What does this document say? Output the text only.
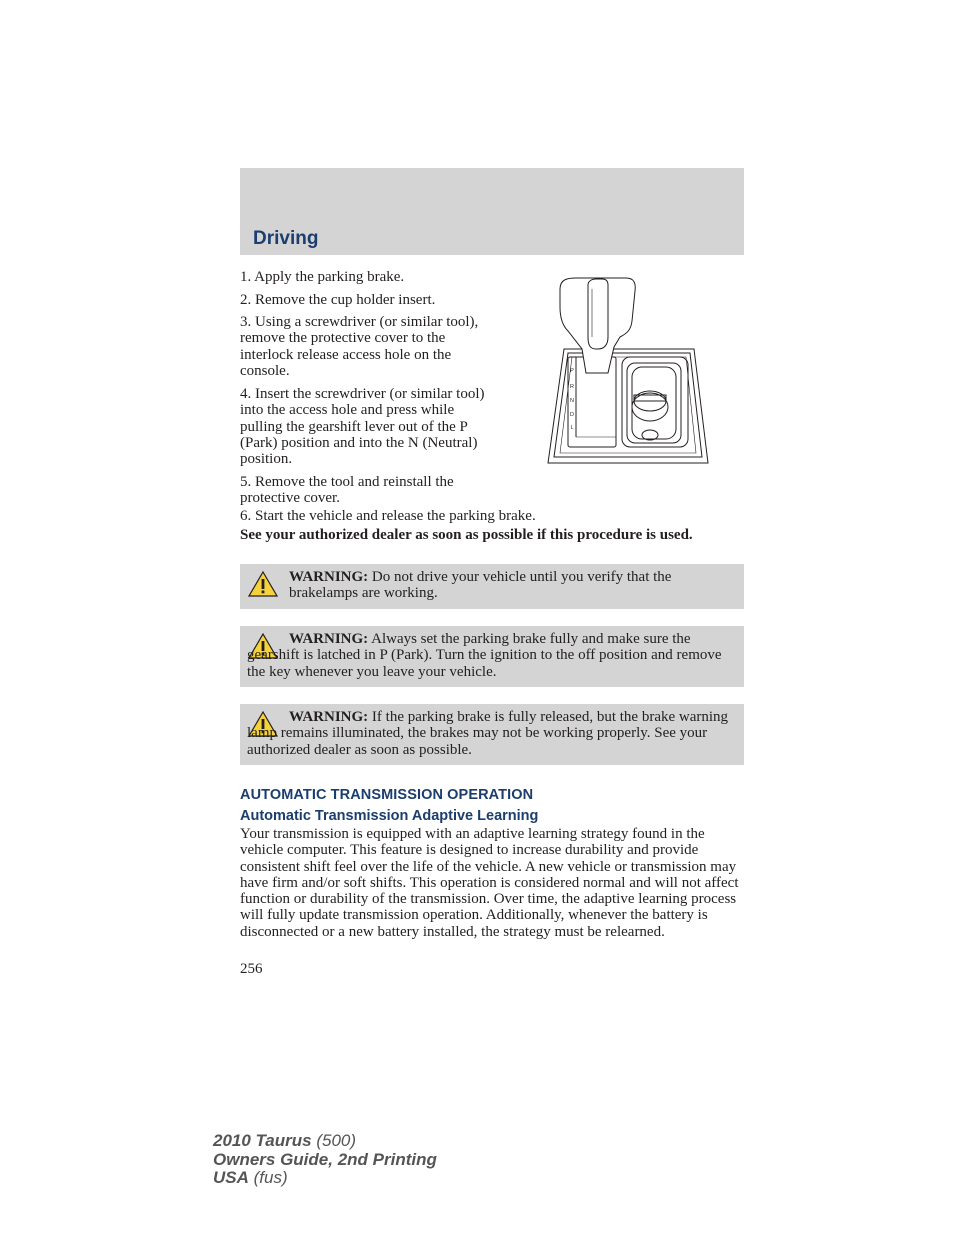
Driving

1. Apply the parking brake.

2. Remove the cup holder insert.

3. Using a screwdriver (or similar tool), remove the protective cover to the interlock release access hole on the console.

4. Insert the screwdriver (or similar tool) into the access hole and press while pulling the gearshift lever out of the P (Park) position and into the N (Neutral) position.

5. Remove the tool and reinstall the protective cover.

6. Start the vehicle and release the parking brake.

P
R
N
D
L

See your authorized dealer as soon as possible if this procedure is used.

WARNING: Do not drive your vehicle until you verify that the brakelamps are working.
WARNING: Always set the parking brake fully and make sure the gearshift is latched in P (Park). Turn the ignition to the off position and remove the key whenever you leave your vehicle.
WARNING: If the parking brake is fully released, but the brake warning lamp remains illuminated, the brakes may not be working properly. See your authorized dealer as soon as possible.
AUTOMATIC TRANSMISSION OPERATION
Automatic Transmission Adaptive Learning

Your transmission is equipped with an adaptive learning strategy found in the vehicle computer. This feature is designed to increase durability and provide consistent shift feel over the life of the vehicle. A new vehicle or transmission may have firm and/or soft shifts. This operation is considered normal and will not affect function or durability of the transmission. Over time, the adaptive learning process will fully update transmission operation. Additionally, whenever the battery is disconnected or a new battery installed, the strategy must be relearned.

256
2010 Taurus (500)
Owners Guide, 2nd Printing
USA (fus)
